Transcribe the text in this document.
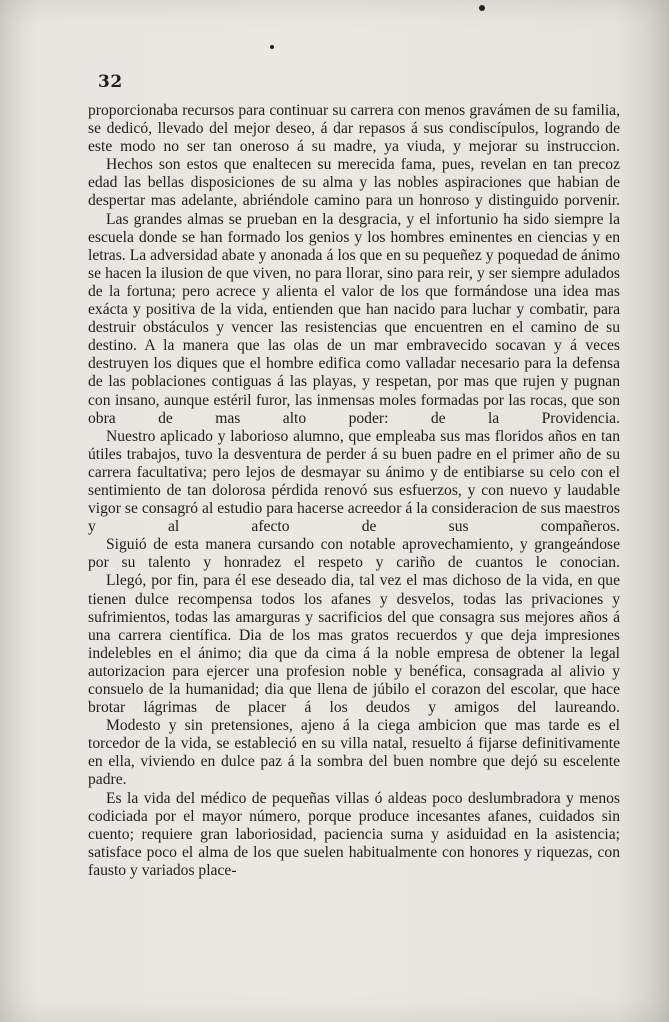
32

proporcionaba recursos para continuar su carrera con menos gravámen de su familia, se dedicó, llevado del mejor deseo, á dar repasos á sus condiscípulos, logrando de este modo no ser tan oneroso á su madre, ya viuda, y mejorar su instruccion.

Hechos son estos que enaltecen su merecida fama, pues, revelan en tan precoz edad las bellas disposiciones de su alma y las nobles aspiraciones que habian de despertar mas adelante, abriéndole camino para un honroso y distinguido porvenir.

Las grandes almas se prueban en la desgracia, y el infortunio ha sido siempre la escuela donde se han formado los genios y los hombres eminentes en ciencias y en letras. La adversidad abate y anonada á los que en su pequeñez y poquedad de ánimo se hacen la ilusion de que viven, no para llorar, sino para reir, y ser siempre adulados de la fortuna; pero acrece y alienta el valor de los que formándose una idea mas exácta y positiva de la vida, entienden que han nacido para luchar y combatir, para destruir obstáculos y vencer las resistencias que encuentren en el camino de su destino. A la manera que las olas de un mar embravecido socavan y á veces destruyen los diques que el hombre edifica como valladar necesario para la defensa de las poblaciones contiguas á las playas, y respetan, por mas que rujen y pugnan con insano, aunque estéril furor, las inmensas moles formadas por las rocas, que son obra de mas alto poder: de la Providencia.

Nuestro aplicado y laborioso alumno, que empleaba sus mas floridos años en tan útiles trabajos, tuvo la desventura de perder á su buen padre en el primer año de su carrera facultativa; pero lejos de desmayar su ánimo y de entibiarse su celo con el sentimiento de tan dolorosa pérdida renovó sus esfuerzos, y con nuevo y laudable vigor se consagró al estudio para hacerse acreedor á la consideracion de sus maestros y al afecto de sus compañeros.

Siguió de esta manera cursando con notable aprovechamiento, y grangeándose por su talento y honradez el respeto y cariño de cuantos le conocian.

Llegó, por fin, para él ese deseado dia, tal vez el mas dichoso de la vida, en que tienen dulce recompensa todos los afanes y desvelos, todas las privaciones y sufrimientos, todas las amarguras y sacrificios del que consagra sus mejores años á una carrera científica. Dia de los mas gratos recuerdos y que deja impresiones indelebles en el ánimo; dia que da cima á la noble empresa de obtener la legal autorizacion para ejercer una profesion noble y benéfica, consagrada al alivio y consuelo de la humanidad; dia que llena de júbilo el corazon del escolar, que hace brotar lágrimas de placer á los deudos y amigos del laureando.

Modesto y sin pretensiones, ajeno á la ciega ambicion que mas tarde es el torcedor de la vida, se estableció en su villa natal, resuelto á fijarse definitivamente en ella, viviendo en dulce paz á la sombra del buen nombre que dejó su escelente padre.

Es la vida del médico de pequeñas villas ó aldeas poco deslumbradora y menos codiciada por el mayor número, porque produce incesantes afanes, cuidados sin cuento; requiere gran laboriosidad, paciencia suma y asiduidad en la asistencia; satisface poco el alma de los que suelen habitualmente con honores y riquezas, con fausto y variados place-
